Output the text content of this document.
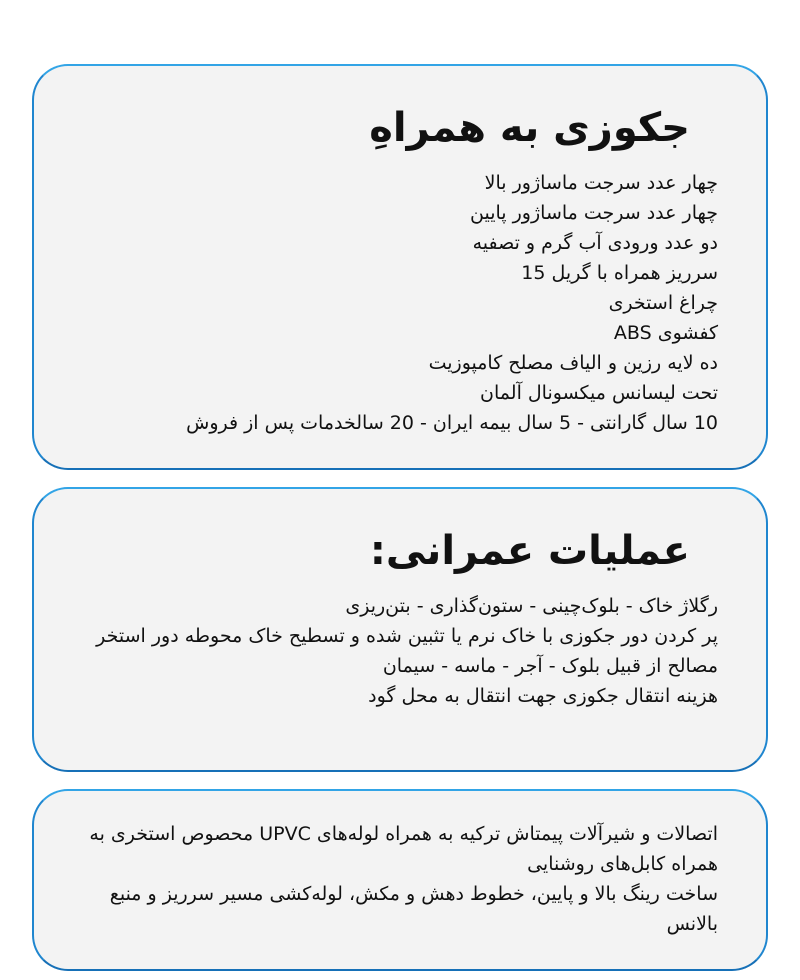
جکوزی به همراهِ
چهار عدد سرجت ماساژور بالا
چهار عدد سرجت ماساژور پایین
دو عدد ورودی آب گرم و تصفیه
سرریز همراه با گریل 15
چراغ استخری
کفشوی ABS
ده لایه رزین و الیاف مصلح کامپوزیت
تحت لیسانس میکسونال آلمان
10 سال گارانتی - 5 سال بیمه ایران - 20 سالخدمات پس از فروش
عملیات عمرانی:
رگلاژ خاک - بلوک‌چینی - ستون‌گذاری - بتن‌ریزی
پر کردن دور جکوزی با خاک نرم یا تثبین شده و تسطیح خاک محوطه دور استخر
مصالح از قبیل بلوک - آجر - ماسه - سیمان
هزینه انتقال جکوزی جهت انتقال به محل گود
اتصالات و شیرآلات پیمتاش ترکیه به همراه لوله‌های UPVC محصوص استخری به همراه کابل‌های روشنایی
ساخت رینگ بالا و پایین، خطوط دهش و مکش، لوله‌کشی مسیر سرریز و منبع بالانس
